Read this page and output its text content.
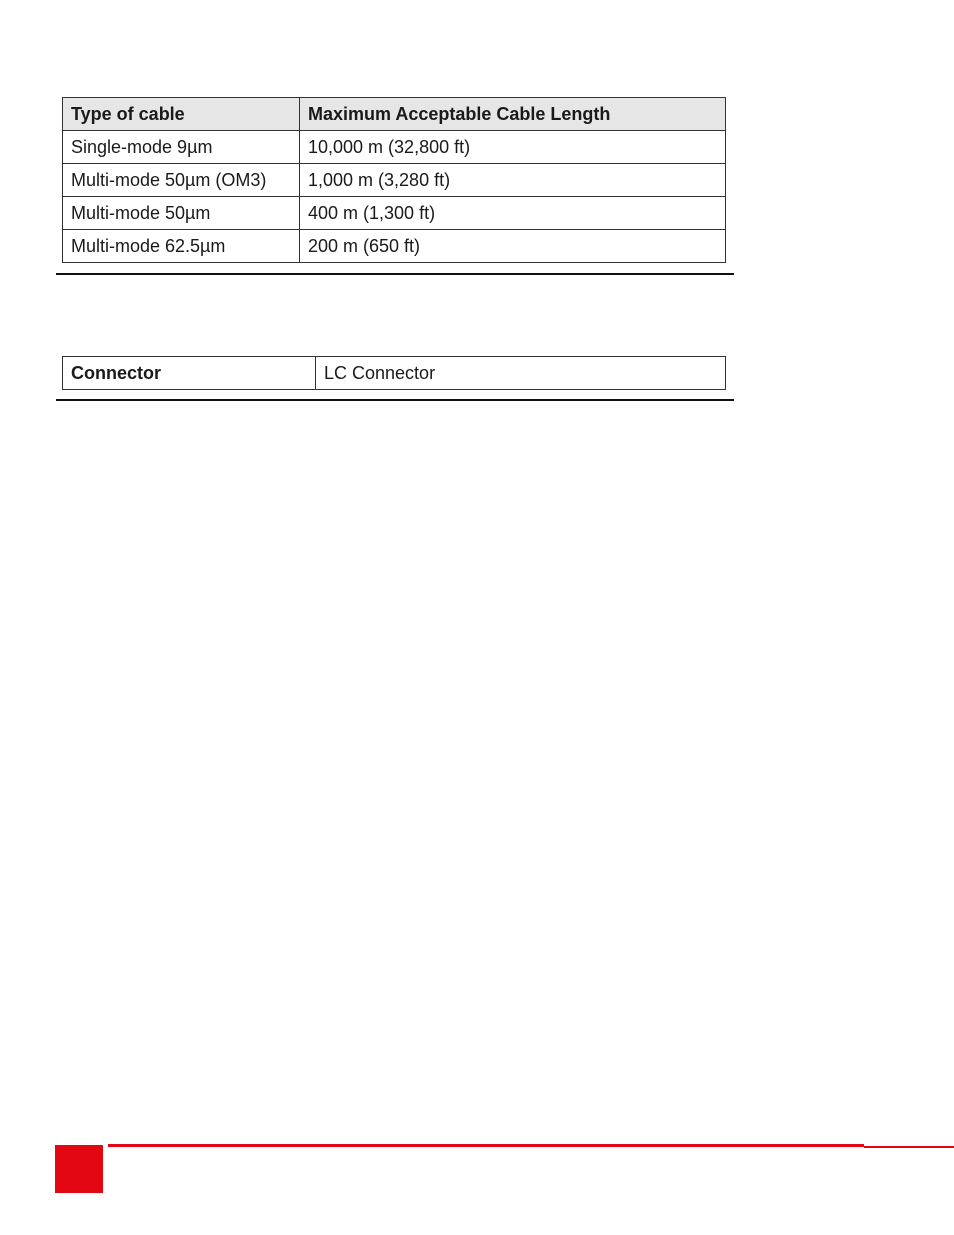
Type of cable	Maximum Acceptable Cable Length
Single-mode 9µm	10,000 m (32,800 ft)
Multi-mode 50µm (OM3)	1,000 m (3,280 ft)
Multi-mode 50µm	400 m (1,300 ft)
Multi-mode 62.5µm	200 m (650 ft)
Connector	LC Connector
